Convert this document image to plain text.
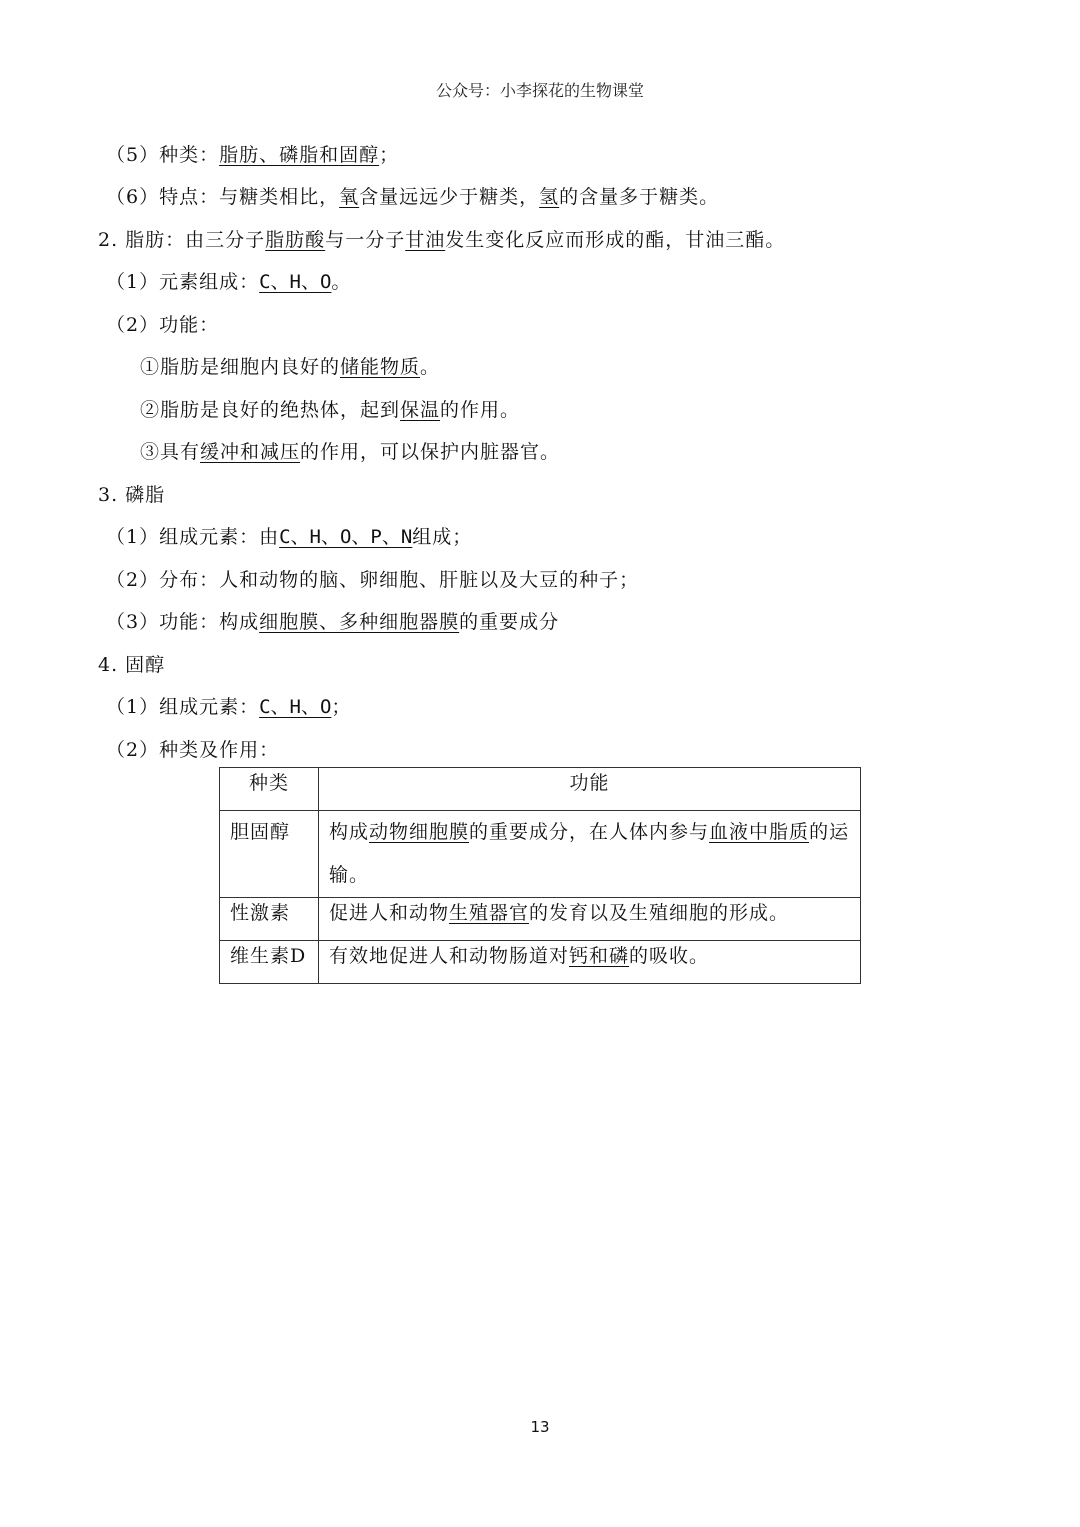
公众号：小李探花的生物课堂
（5）种类：脂肪、磷脂和固醇；
（6）特点：与糖类相比，氧含量远远少于糖类，氢的含量多于糖类。
2. 脂肪：由三分子脂肪酸与一分子甘油发生变化反应而形成的酯，甘油三酯。
（1）元素组成：C、H、O。
（2）功能：
①脂肪是细胞内良好的储能物质。
②脂肪是良好的绝热体，起到保温的作用。
③具有缓冲和减压的作用，可以保护内脏器官。
3. 磷脂
（1）组成元素：由C、H、O、P、N组成；
（2）分布：人和动物的脑、卵细胞、肝脏以及大豆的种子；
（3）功能：构成细胞膜、多种细胞器膜的重要成分
4. 固醇
（1）组成元素：C、H、O；
（2）种类及作用：
种类	功能
胆固醇	构成动物细胞膜的重要成分，在人体内参与血液中脂质的运输。
性激素	促进人和动物生殖器官的发育以及生殖细胞的形成。
维生素D	有效地促进人和动物肠道对钙和磷的吸收。
13
